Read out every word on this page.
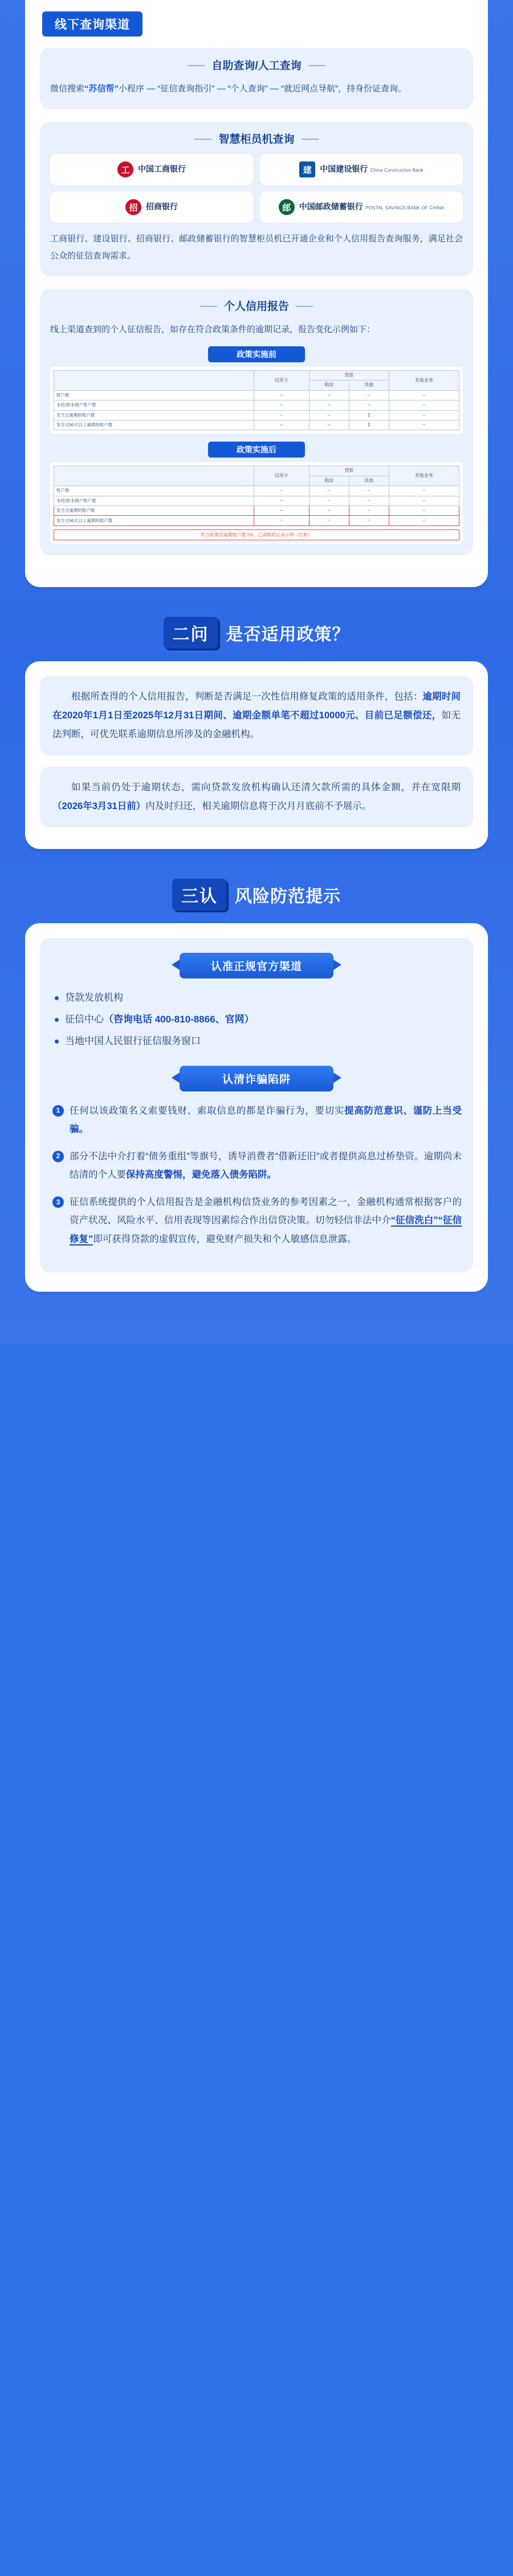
线下查询渠道
自助查询/人工查询
微信搜索“苏信帮”小程序 — “征信查询指引” — “个人查询” — “就近网点导航”，持身份证查询。
智慧柜员机查询
工	中国工商银行	建	中国建设银行 China Construction Bank
招	招商银行	邮	中国邮政储蓄银行 POSTAL SAVINGS BANK OF CHINA
工商银行、建设银行、招商银行、邮政储蓄银行的智慧柜员机已开通企业和个人信用报告查询服务，满足社会公众的征信查询需求。
个人信用报告
线上渠道查到的个人征信报告，如存在符合政策条件的逾期记录，报告变化示例如下：
政策实施前
	信用卡	贷款		其他业务
		购房	其他	
账户数	--	--	--	--
未结清/未销户账户数	--	--	--	--
发生过逾期的账户数	--	--	2	--
发生过90天以上逾期的账户数	--	--	2	--
政策实施后
	信用卡	贷款		其他业务
		购房	其他	
账户数	--	--	--	--
未结清/未销户账户数	--	--	--	--
发生过逾期的账户数	--	--	--	--
发生过90天以上逾期的账户数	--	--	--	--
符合政策的逾期账户数为0，已清除的记录示例（红框）
二问	是否适用政策？
根据所查得的个人信用报告，判断是否满足一次性信用修复政策的适用条件，包括：逾期时间在2020年1月1日至2025年12月31日期间、逾期金额单笔不超过10000元、目前已足额偿还，如无法判断，可优先联系逾期信息所涉及的金融机构。
如果当前仍处于逾期状态，需向贷款发放机构确认还清欠款所需的具体金额，并在宽限期（2026年3月31日前）内及时归还，相关逾期信息将于次月月底前不予展示。
三认	风险防范提示
认准正规官方渠道
贷款发放机构
征信中心（咨询电话 400-810-8866、官网）
当地中国人民银行征信服务窗口
认清诈骗陷阱
1	任何以该政策名义索要钱财、索取信息的都是诈骗行为，要切实提高防范意识、谨防上当受骗。
2	部分不法中介打着“债务重组”等旗号，诱导消费者“借新还旧”或者提供高息过桥垫资。逾期尚未结清的个人要保持高度警惕，避免落入债务陷阱。
3	征信系统提供的个人信用报告是金融机构信贷业务的参考因素之一，金融机构通常根据客户的资产状况、风险水平、信用表现等因素综合作出信贷决策。切勿轻信非法中介“征信洗白”“征信修复”即可获得贷款的虚假宣传，避免财产损失和个人敏感信息泄露。
